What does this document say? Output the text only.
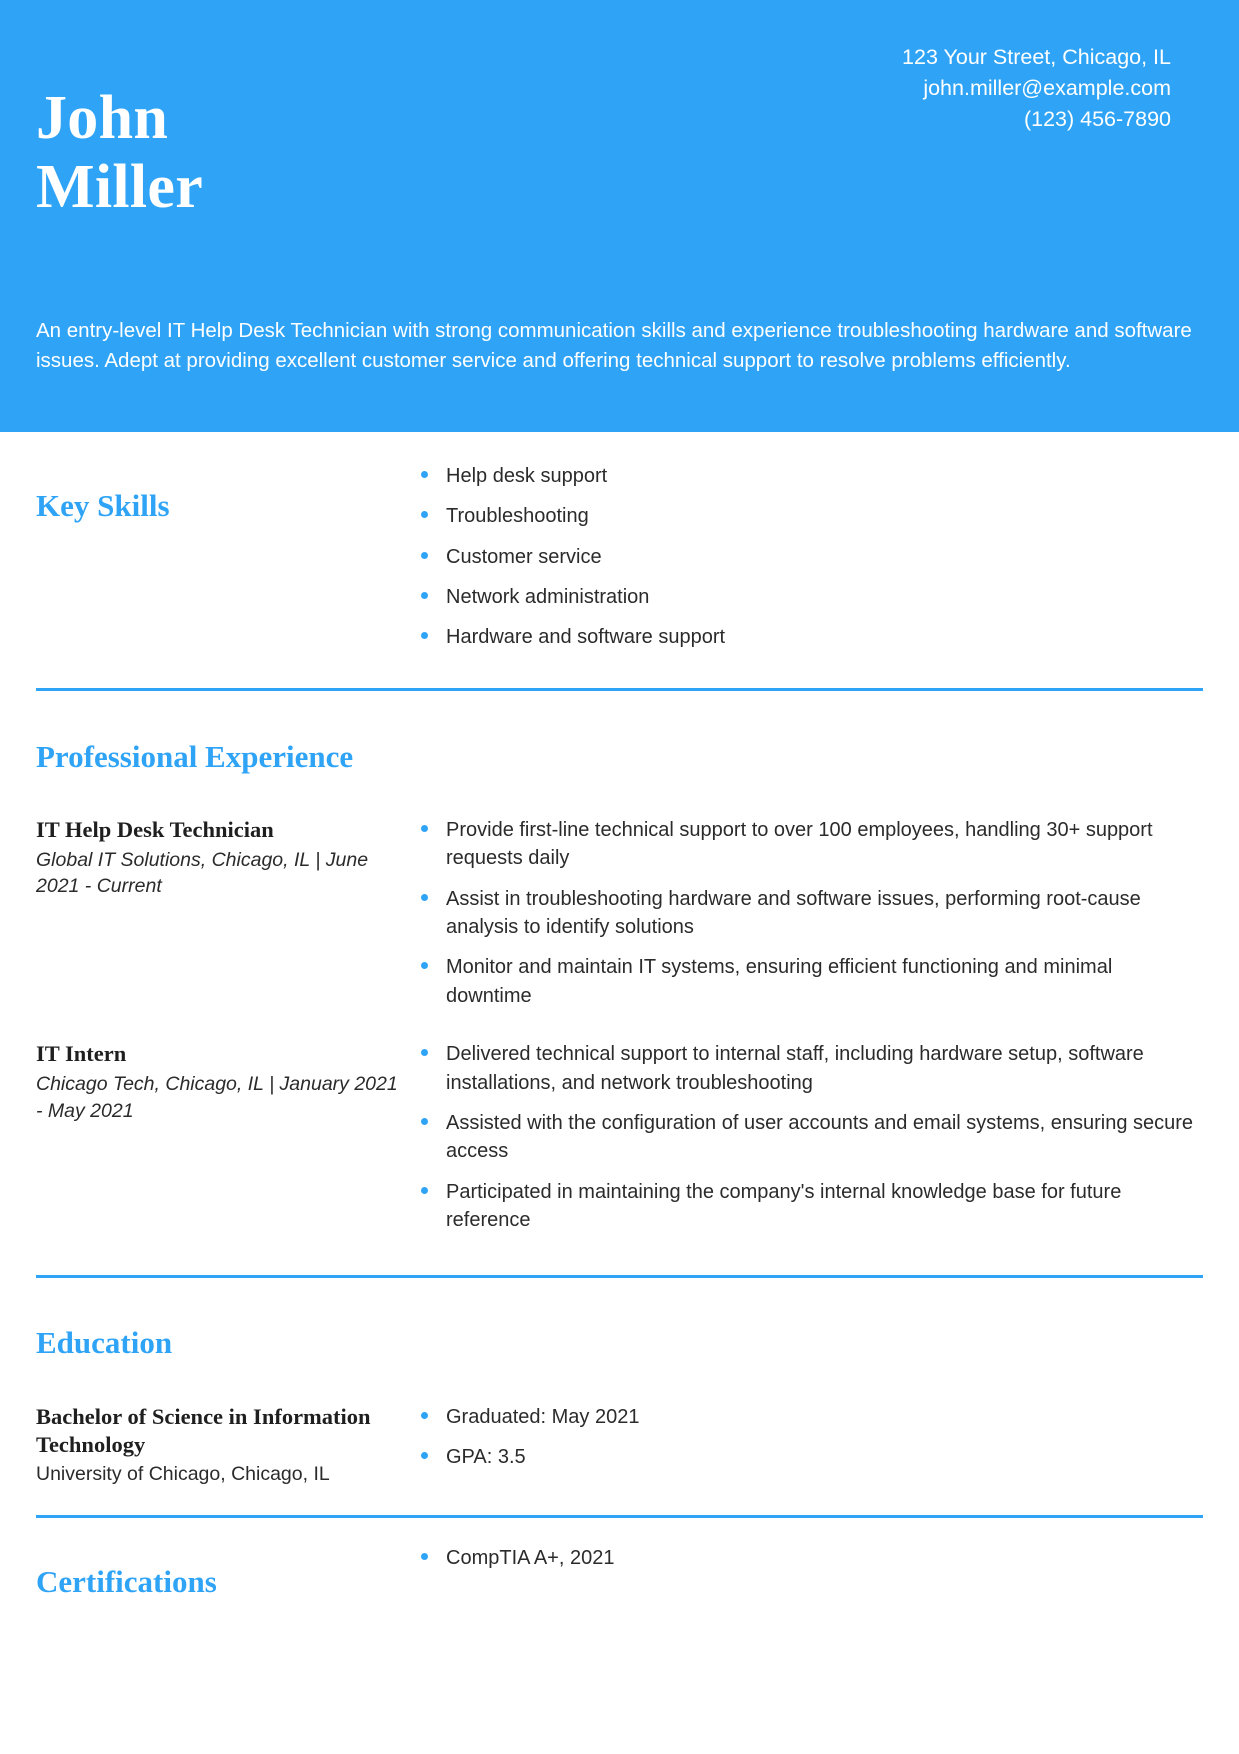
John
Miller
123 Your Street, Chicago, IL
john.miller@example.com
(123) 456-7890

An entry-level IT Help Desk Technician with strong communication skills and experience troubleshooting hardware and software issues. Adept at providing excellent customer service and offering technical support to resolve problems efficiently.

Key Skills
Help desk support
Troubleshooting
Customer service
Network administration
Hardware and software support
Professional Experience
IT Help Desk Technician
Global IT Solutions, Chicago, IL | June 2021 - Current
Provide first-line technical support to over 100 employees, handling 30+ support requests daily
Assist in troubleshooting hardware and software issues, performing root-cause analysis to identify solutions
Monitor and maintain IT systems, ensuring efficient functioning and minimal downtime
IT Intern
Chicago Tech, Chicago, IL | January 2021 - May 2021
Delivered technical support to internal staff, including hardware setup, software installations, and network troubleshooting
Assisted with the configuration of user accounts and email systems, ensuring secure access
Participated in maintaining the company's internal knowledge base for future reference
Education
Bachelor of Science in Information Technology
University of Chicago, Chicago, IL
Graduated: May 2021
GPA: 3.5
Certifications
CompTIA A+, 2021
